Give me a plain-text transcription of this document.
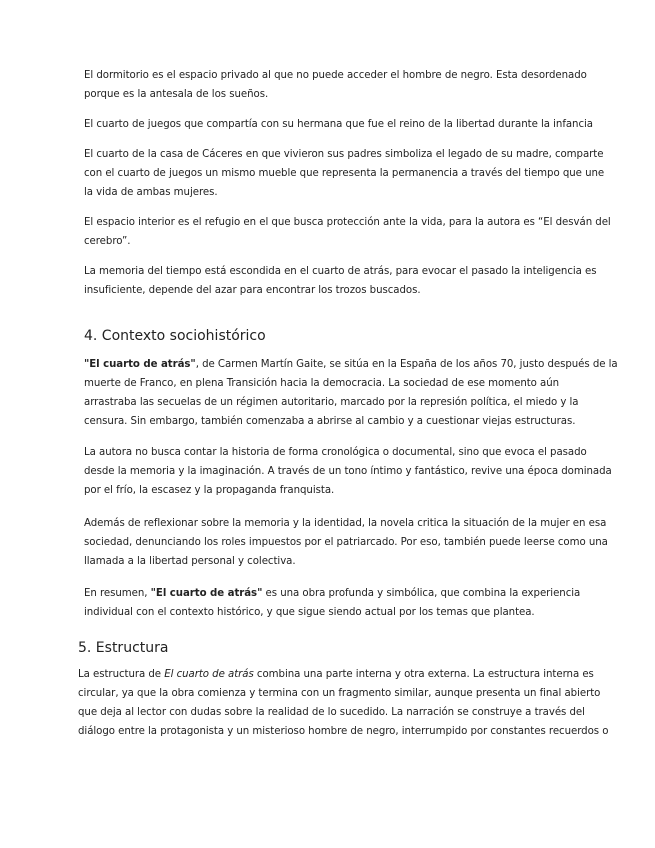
El dormitorio es el espacio privado al que no puede acceder el hombre de negro. Esta desordenado
porque es la antesala de los sueños.

El cuarto de juegos que compartía con su hermana que fue el reino de la libertad durante la infancia

El cuarto de la casa de Cáceres en que vivieron sus padres simboliza el legado de su madre, comparte
con el cuarto de juegos un mismo mueble que representa la permanencia a través del tiempo que une
la vida de ambas mujeres.

El espacio interior es el refugio en el que busca protección ante la vida, para la autora es “El desván del
cerebro”.

La memoria del tiempo está escondida en el cuarto de atrás, para evocar el pasado la inteligencia es
insuficiente, depende del azar para encontrar los trozos buscados.

4. Contexto sociohistórico

"El cuarto de atrás", de Carmen Martín Gaite, se sitúa en la España de los años 70, justo después de la
muerte de Franco, en plena Transición hacia la democracia. La sociedad de ese momento aún
arrastraba las secuelas de un régimen autoritario, marcado por la represión política, el miedo y la
censura. Sin embargo, también comenzaba a abrirse al cambio y a cuestionar viejas estructuras.

La autora no busca contar la historia de forma cronológica o documental, sino que evoca el pasado
desde la memoria y la imaginación. A través de un tono íntimo y fantástico, revive una época dominada
por el frío, la escasez y la propaganda franquista.

Además de reflexionar sobre la memoria y la identidad, la novela critica la situación de la mujer en esa
sociedad, denunciando los roles impuestos por el patriarcado. Por eso, también puede leerse como una
llamada a la libertad personal y colectiva.

En resumen, "El cuarto de atrás" es una obra profunda y simbólica, que combina la experiencia
individual con el contexto histórico, y que sigue siendo actual por los temas que plantea.

5. Estructura

La estructura de El cuarto de atrás combina una parte interna y otra externa. La estructura interna es
circular, ya que la obra comienza y termina con un fragmento similar, aunque presenta un final abierto
que deja al lector con dudas sobre la realidad de lo sucedido. La narración se construye a través del
diálogo entre la protagonista y un misterioso hombre de negro, interrumpido por constantes recuerdos o
